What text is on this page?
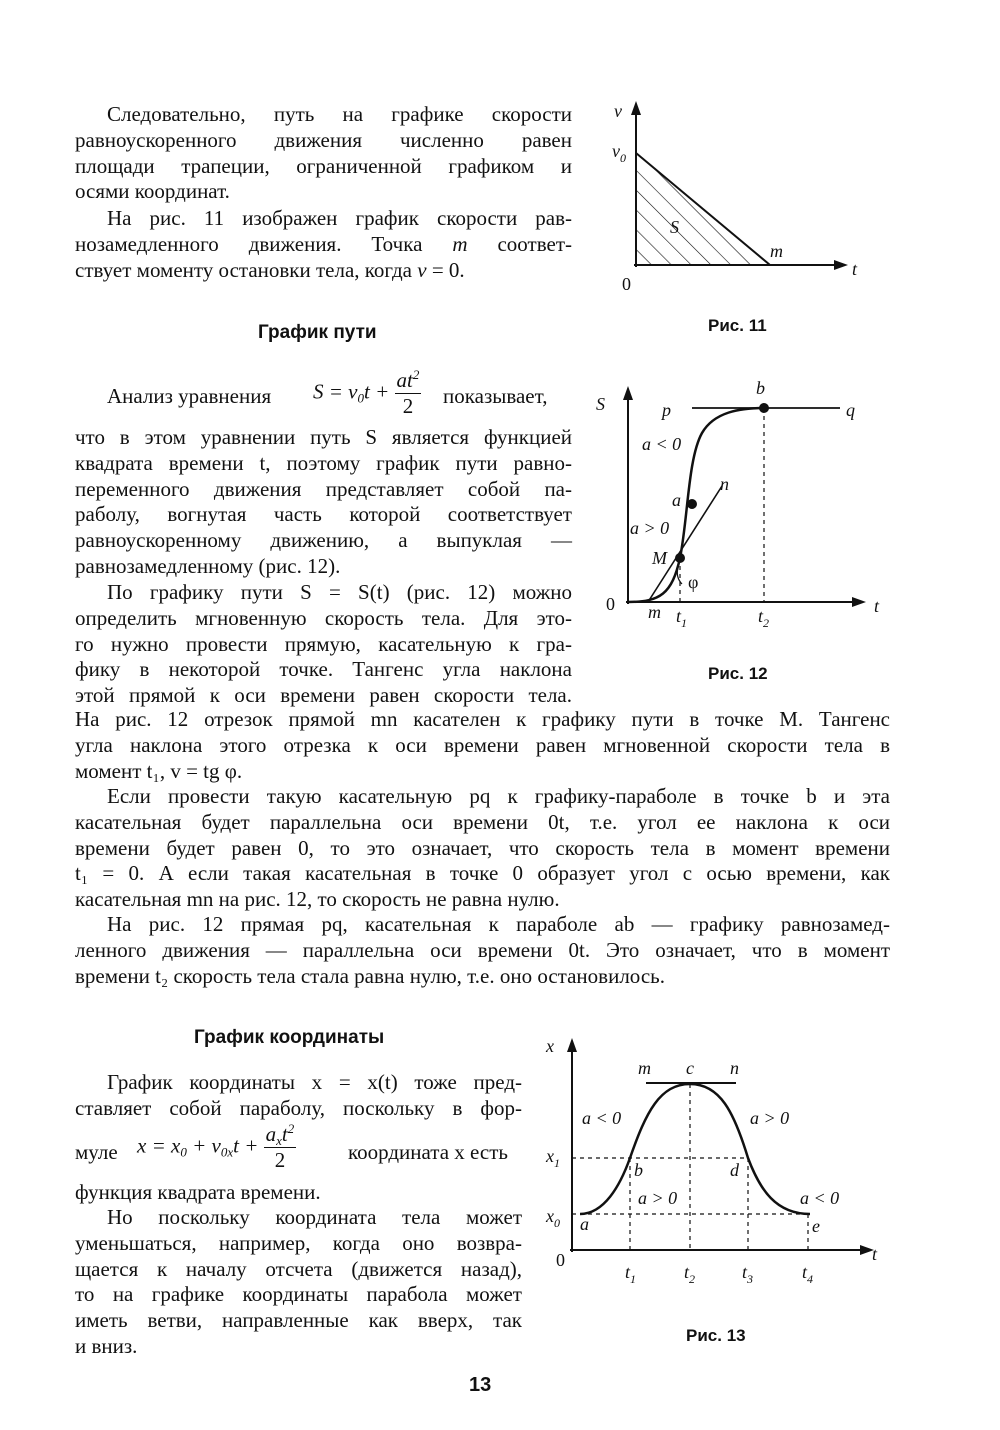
Следовательно, путь на графике скорости
равноускоренного движения численно равен
площади трапеции, ограниченной графиком и
осями координат.
На рис. 11 изображен график скорости рав-
нозамедленного движения. Точка m соответ-
ствует моменту остановки тела, когда v = 0.
v
$v_0$
S
m
t
0
Рис. 11
График пути
Анализ уравнения $S = v_0t + \frac{at^2}{2}$ показывает,
что в этом уравнении путь S является функцией
квадрата времени t, поэтому график пути равно-
переменного движения представляет собой па-
раболу, вогнутая часть которой соответствует
равноускоренному движению, а выпуклая —
равнозамедленному (рис. 12).
По графику пути S = S(t) (рис. 12) можно
определить мгновенную скорость тела. Для это-
го нужно провести прямую, касательную к гра-
фику в некоторой точке. Тангенс угла наклона
этой прямой к оси времени равен скорости тела.
S	p
b
q
a < 0
a
n
a > 0
M
φ
0 m $t_1$	$t_2$
t
Рис. 12
На рис. 12 отрезок прямой mn касателен к графику пути в точке M. Тангенс
угла наклона этого отрезка к оси времени равен мгновенной скорости тела в
момент t₁, v = tg φ.
Если провести такую касательную pq к графику-параболе в точке b и эта
касательная будет параллельна оси времени 0t, т.е. угол ее наклона к оси
времени будет равен 0, то это означает, что скорость тела в момент времени
t₁ = 0. А если такая касательная в точке 0 образует угол с осью времени, как
касательная mn на рис. 12, то скорость не равна нулю.
На рис. 12 прямая pq, касательная к параболе ab — графику равнозамед-
ленного движения — параллельна оси времени 0t. Это означает, что в момент
времени t₂ скорость тела стала равна нулю, т.е. оно остановилось.
График координаты
График координаты x = x(t) тоже пред-
ставляет собой параболу, поскольку в фор-
муле $x = x_0 + v_{0x}t + \frac{a_xt^2}{2}$ координата x есть
функция квадрата времени.
Но поскольку координата тела может
уменьшаться, например, когда оно возвра-
щается к началу отсчета (движется назад),
то на графике координаты парабола может
иметь ветви, направленные как вверх, так
и вниз.
x
m c n
a < 0	a > 0
$x_1$	b	d
a > 0	a < 0
$x_0$ a	e
0	t
$t_1$	$t_2$	$t_3$	$t_4$
Рис. 13
13
